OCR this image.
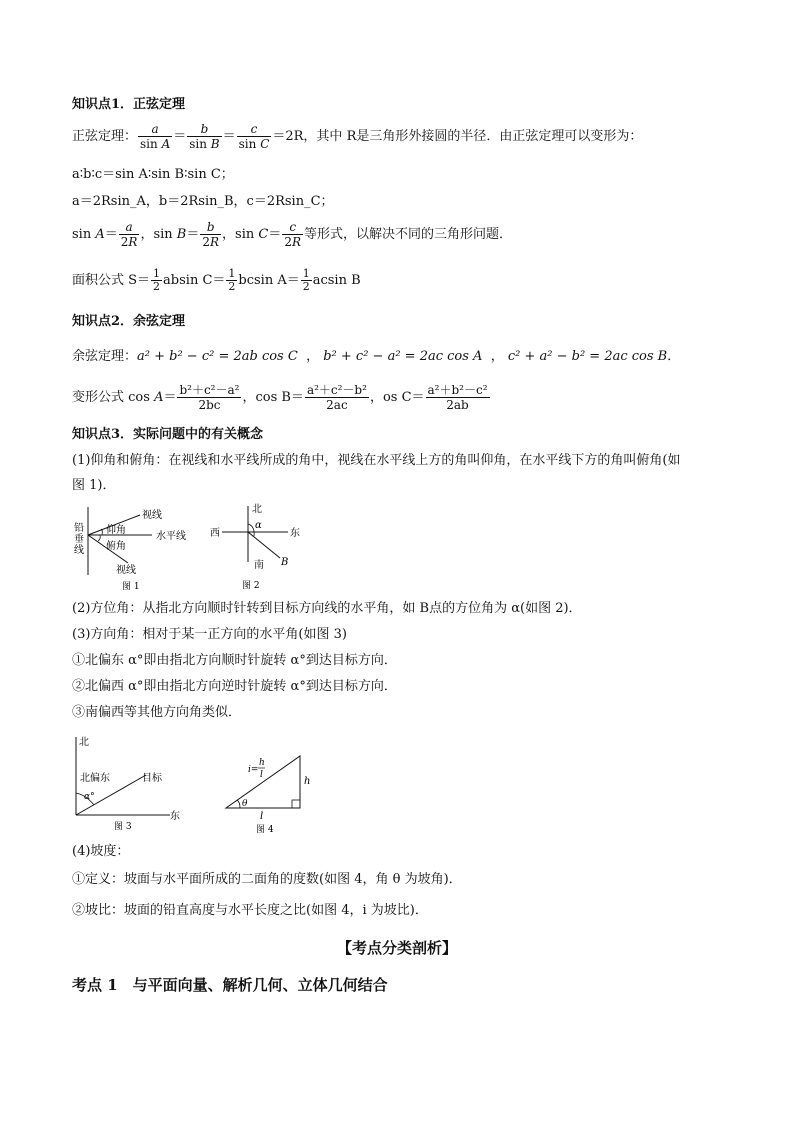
知识点1．正弦定理
正弦定理： $\frac{a}{\text{sin A}} = \frac{b}{\text{sin B}} = \frac{c}{\text{sin C}} =2R$，其中 R是三角形外接圆的半径．由正弦定理可以变形为：
a∶b∶c＝sin A∶sin B∶sin C；
a＝2Rsin_A，b＝2Rsin_B，c＝2Rsin_C；
$\sin A= \frac{a}{2R}$ ，$\sin B= \frac{b}{2R}$ ，$\sin C= \frac{c}{2R}$ 等形式，以解决不同的三角形问题．
面积公式 $S= \frac{1}{2}$ absin $C= \frac{1}{2}$ bcsin $A= \frac{1}{2}$ acsin B
知识点2．余弦定理
余弦定理：a² + b² − c² = 2ab cos C ， b² + c² − a² = 2ac cos A ， c² + a² − b² = 2ac cos B．
变形公式 $\cos A= \frac{\text{b²＋c²－a²}}{2bc}$ ，$\cos B= \frac{\text{a²＋c²－b²}}{2ac}$ ，os $C= \frac{\text{a²＋b²－c²}}{2ab}$
知识点3．实际问题中的有关概念
(1)仰角和俯角：在视线和水平线所成的角中，视线在水平线上方的角叫仰角，在水平线下方的角叫俯角(如
图 1)．
铅
垂
线
视线
仰角
水平线
俯角
视线
图 1
北
西	东
南
α
B
图 2
(2)方位角：从指北方向顺时针转到目标方向线的水平角，如 B点的方位角为 α(如图 2)．
(3)方向角：相对于某一正方向的水平角(如图 3)
①北偏东 α°即由指北方向顺时针旋转 α°到达目标方向．
②北偏西 α°即由指北方向逆时针旋转 α°到达目标方向．
③南偏西等其他方向角类似．
北
北偏东
α°
目标
东
图 3
i=
h
l
h
θ
l
图 4
(4)坡度：
①定义：坡面与水平面所成的二面角的度数(如图 4，角 θ 为坡角)．
②坡比：坡面的铅直高度与水平长度之比(如图 4，i 为坡比)．
【考点分类剖析】
考点 1　与平面向量、解析几何、立体几何结合
